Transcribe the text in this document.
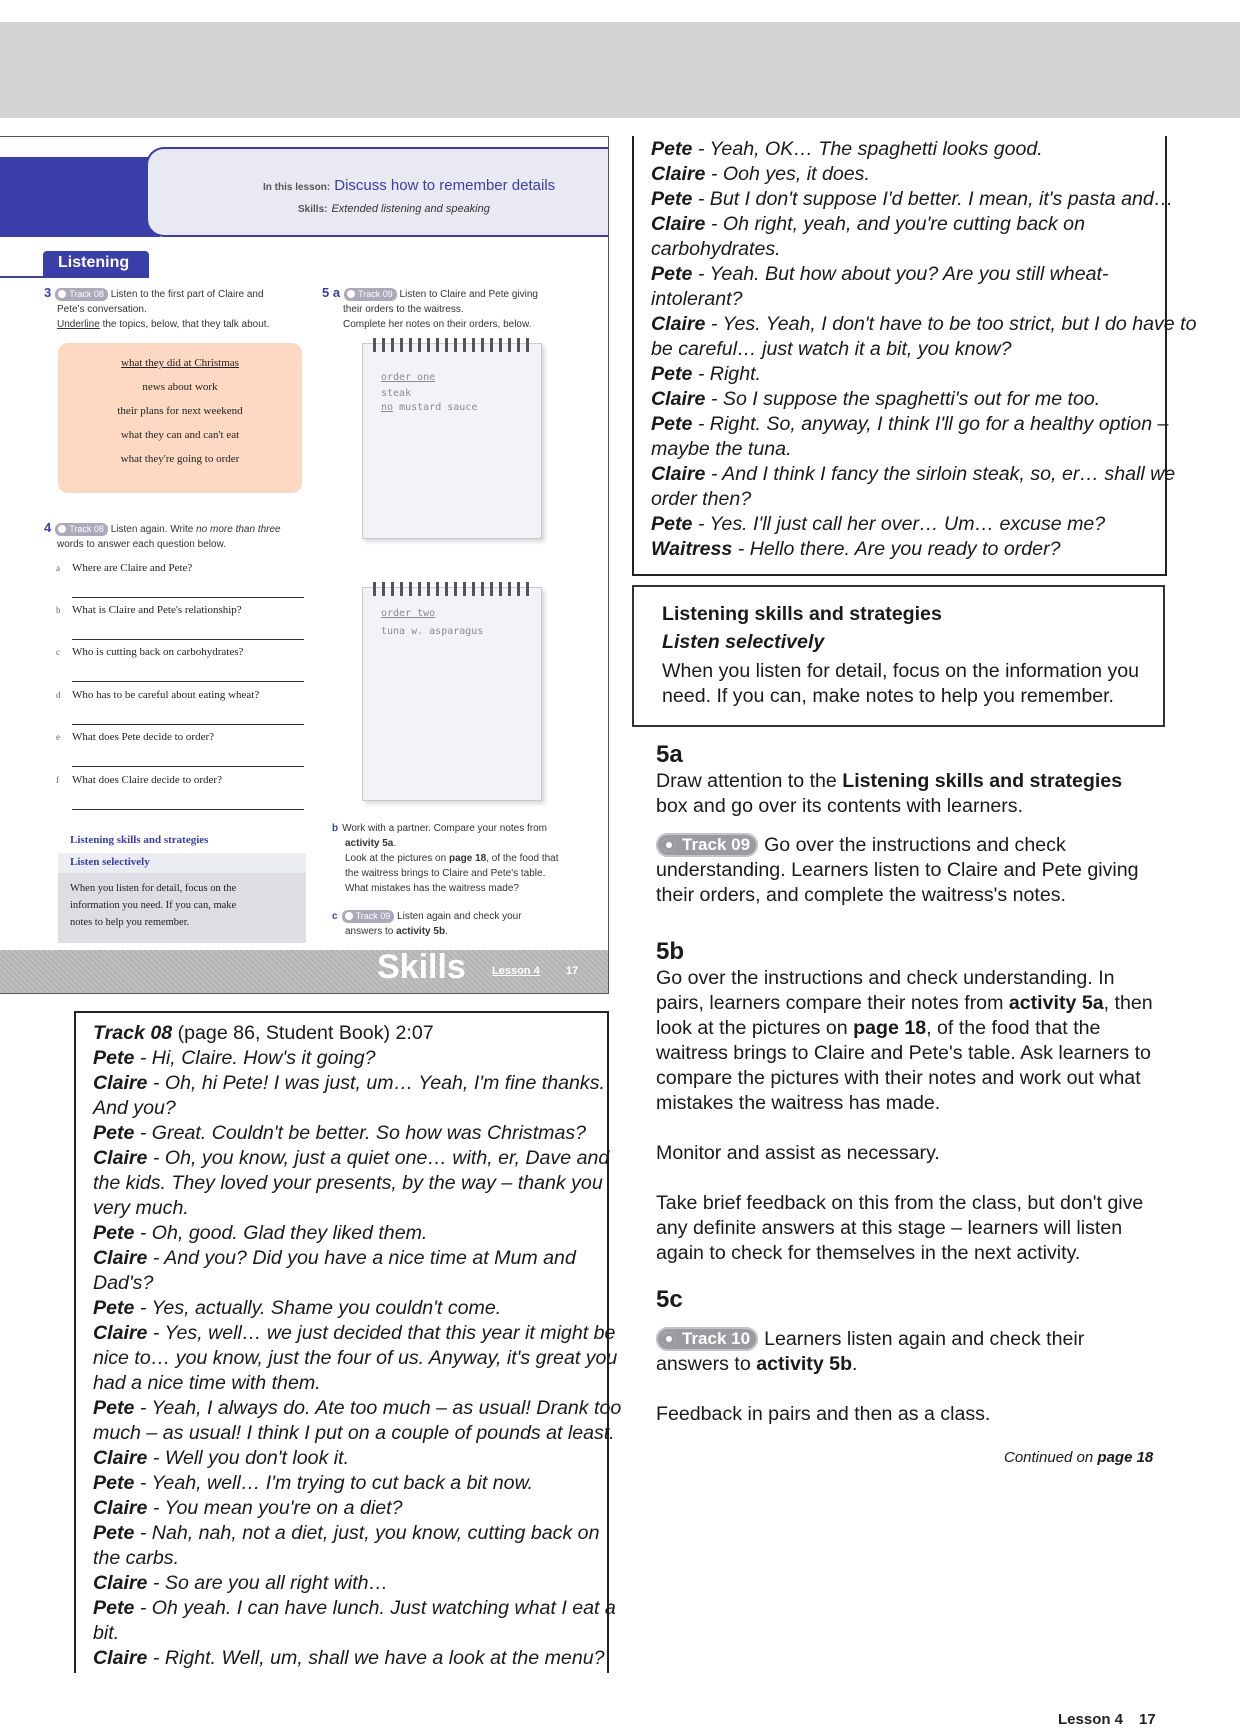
In this lesson: Discuss how to remember details
Skills: Extended listening and speaking
Listening
3 Track 08 Listen to the first part of Claire and
Pete's conversation.
Underline the topics, below, that they talk about.
what they did at Christmas
news about work
their plans for next weekend
what they can and can't eat
what they're going to order
4 Track 08 Listen again. Write no more than three
words to answer each question below.
a Where are Claire and Pete?
b What is Claire and Pete's relationship?
c Who is cutting back on carbohydrates?
d Who has to be careful about eating wheat?
e What does Pete decide to order?
f What does Claire decide to order?
Listening skills and strategies
Listen selectively
When you listen for detail, focus on the
information you need. If you can, make
notes to help you remember.
5 a Track 09 Listen to Claire and Pete giving
their orders to the waitress.
Complete her notes on their orders, below.
order one
steak
no mustard sauce
order two
tuna w. asparagus
b Work with a partner. Compare your notes from
activity 5a.
Look at the pictures on page 18, of the food that
the waitress brings to Claire and Pete's table.
What mistakes has the waitress made?
c Track 09 Listen again and check your
answers to activity 5b.
Skills Lesson 4 17
Track 08 (page 86, Student Book) 2:07
Pete - Hi, Claire. How's it going?
Claire - Oh, hi Pete! I was just, um… Yeah, I'm fine thanks.
And you?
Pete - Great. Couldn't be better. So how was Christmas?
Claire - Oh, you know, just a quiet one… with, er, Dave and
the kids. They loved your presents, by the way – thank you
very much.
Pete - Oh, good. Glad they liked them.
Claire - And you? Did you have a nice time at Mum and
Dad's?
Pete - Yes, actually. Shame you couldn't come.
Claire - Yes, well… we just decided that this year it might be
nice to… you know, just the four of us. Anyway, it's great you
had a nice time with them.
Pete - Yeah, I always do. Ate too much – as usual! Drank too
much – as usual! I think I put on a couple of pounds at least.
Claire - Well you don't look it.
Pete - Yeah, well… I'm trying to cut back a bit now.
Claire - You mean you're on a diet?
Pete - Nah, nah, not a diet, just, you know, cutting back on
the carbs.
Claire - So are you all right with…
Pete - Oh yeah. I can have lunch. Just watching what I eat a
bit.
Claire - Right. Well, um, shall we have a look at the menu?
Pete - Yeah, OK… The spaghetti looks good.
Claire - Ooh yes, it does.
Pete - But I don't suppose I'd better. I mean, it's pasta and…
Claire - Oh right, yeah, and you're cutting back on
carbohydrates.
Pete - Yeah. But how about you? Are you still wheat-
intolerant?
Claire - Yes. Yeah, I don't have to be too strict, but I do have to
be careful… just watch it a bit, you know?
Pete - Right.
Claire - So I suppose the spaghetti's out for me too.
Pete - Right. So, anyway, I think I'll go for a healthy option –
maybe the tuna.
Claire - And I think I fancy the sirloin steak, so, er… shall we
order then?
Pete - Yes. I'll just call her over… Um… excuse me?
Waitress - Hello there. Are you ready to order?
Listening skills and strategies
Listen selectively
When you listen for detail, focus on the information you
need. If you can, make notes to help you remember.
5a
Draw attention to the Listening skills and strategies
box and go over its contents with learners.
Track 09 Go over the instructions and check
understanding. Learners listen to Claire and Pete giving
their orders, and complete the waitress's notes.
5b
Go over the instructions and check understanding. In
pairs, learners compare their notes from activity 5a, then
look at the pictures on page 18, of the food that the
waitress brings to Claire and Pete's table. Ask learners to
compare the pictures with their notes and work out what
mistakes the waitress has made.
Monitor and assist as necessary.
Take brief feedback on this from the class, but don't give
any definite answers at this stage – learners will listen
again to check for themselves in the next activity.
5c
Track 10 Learners listen again and check their
answers to activity 5b.
Feedback in pairs and then as a class.
Continued on page 18
Lesson 4 17
